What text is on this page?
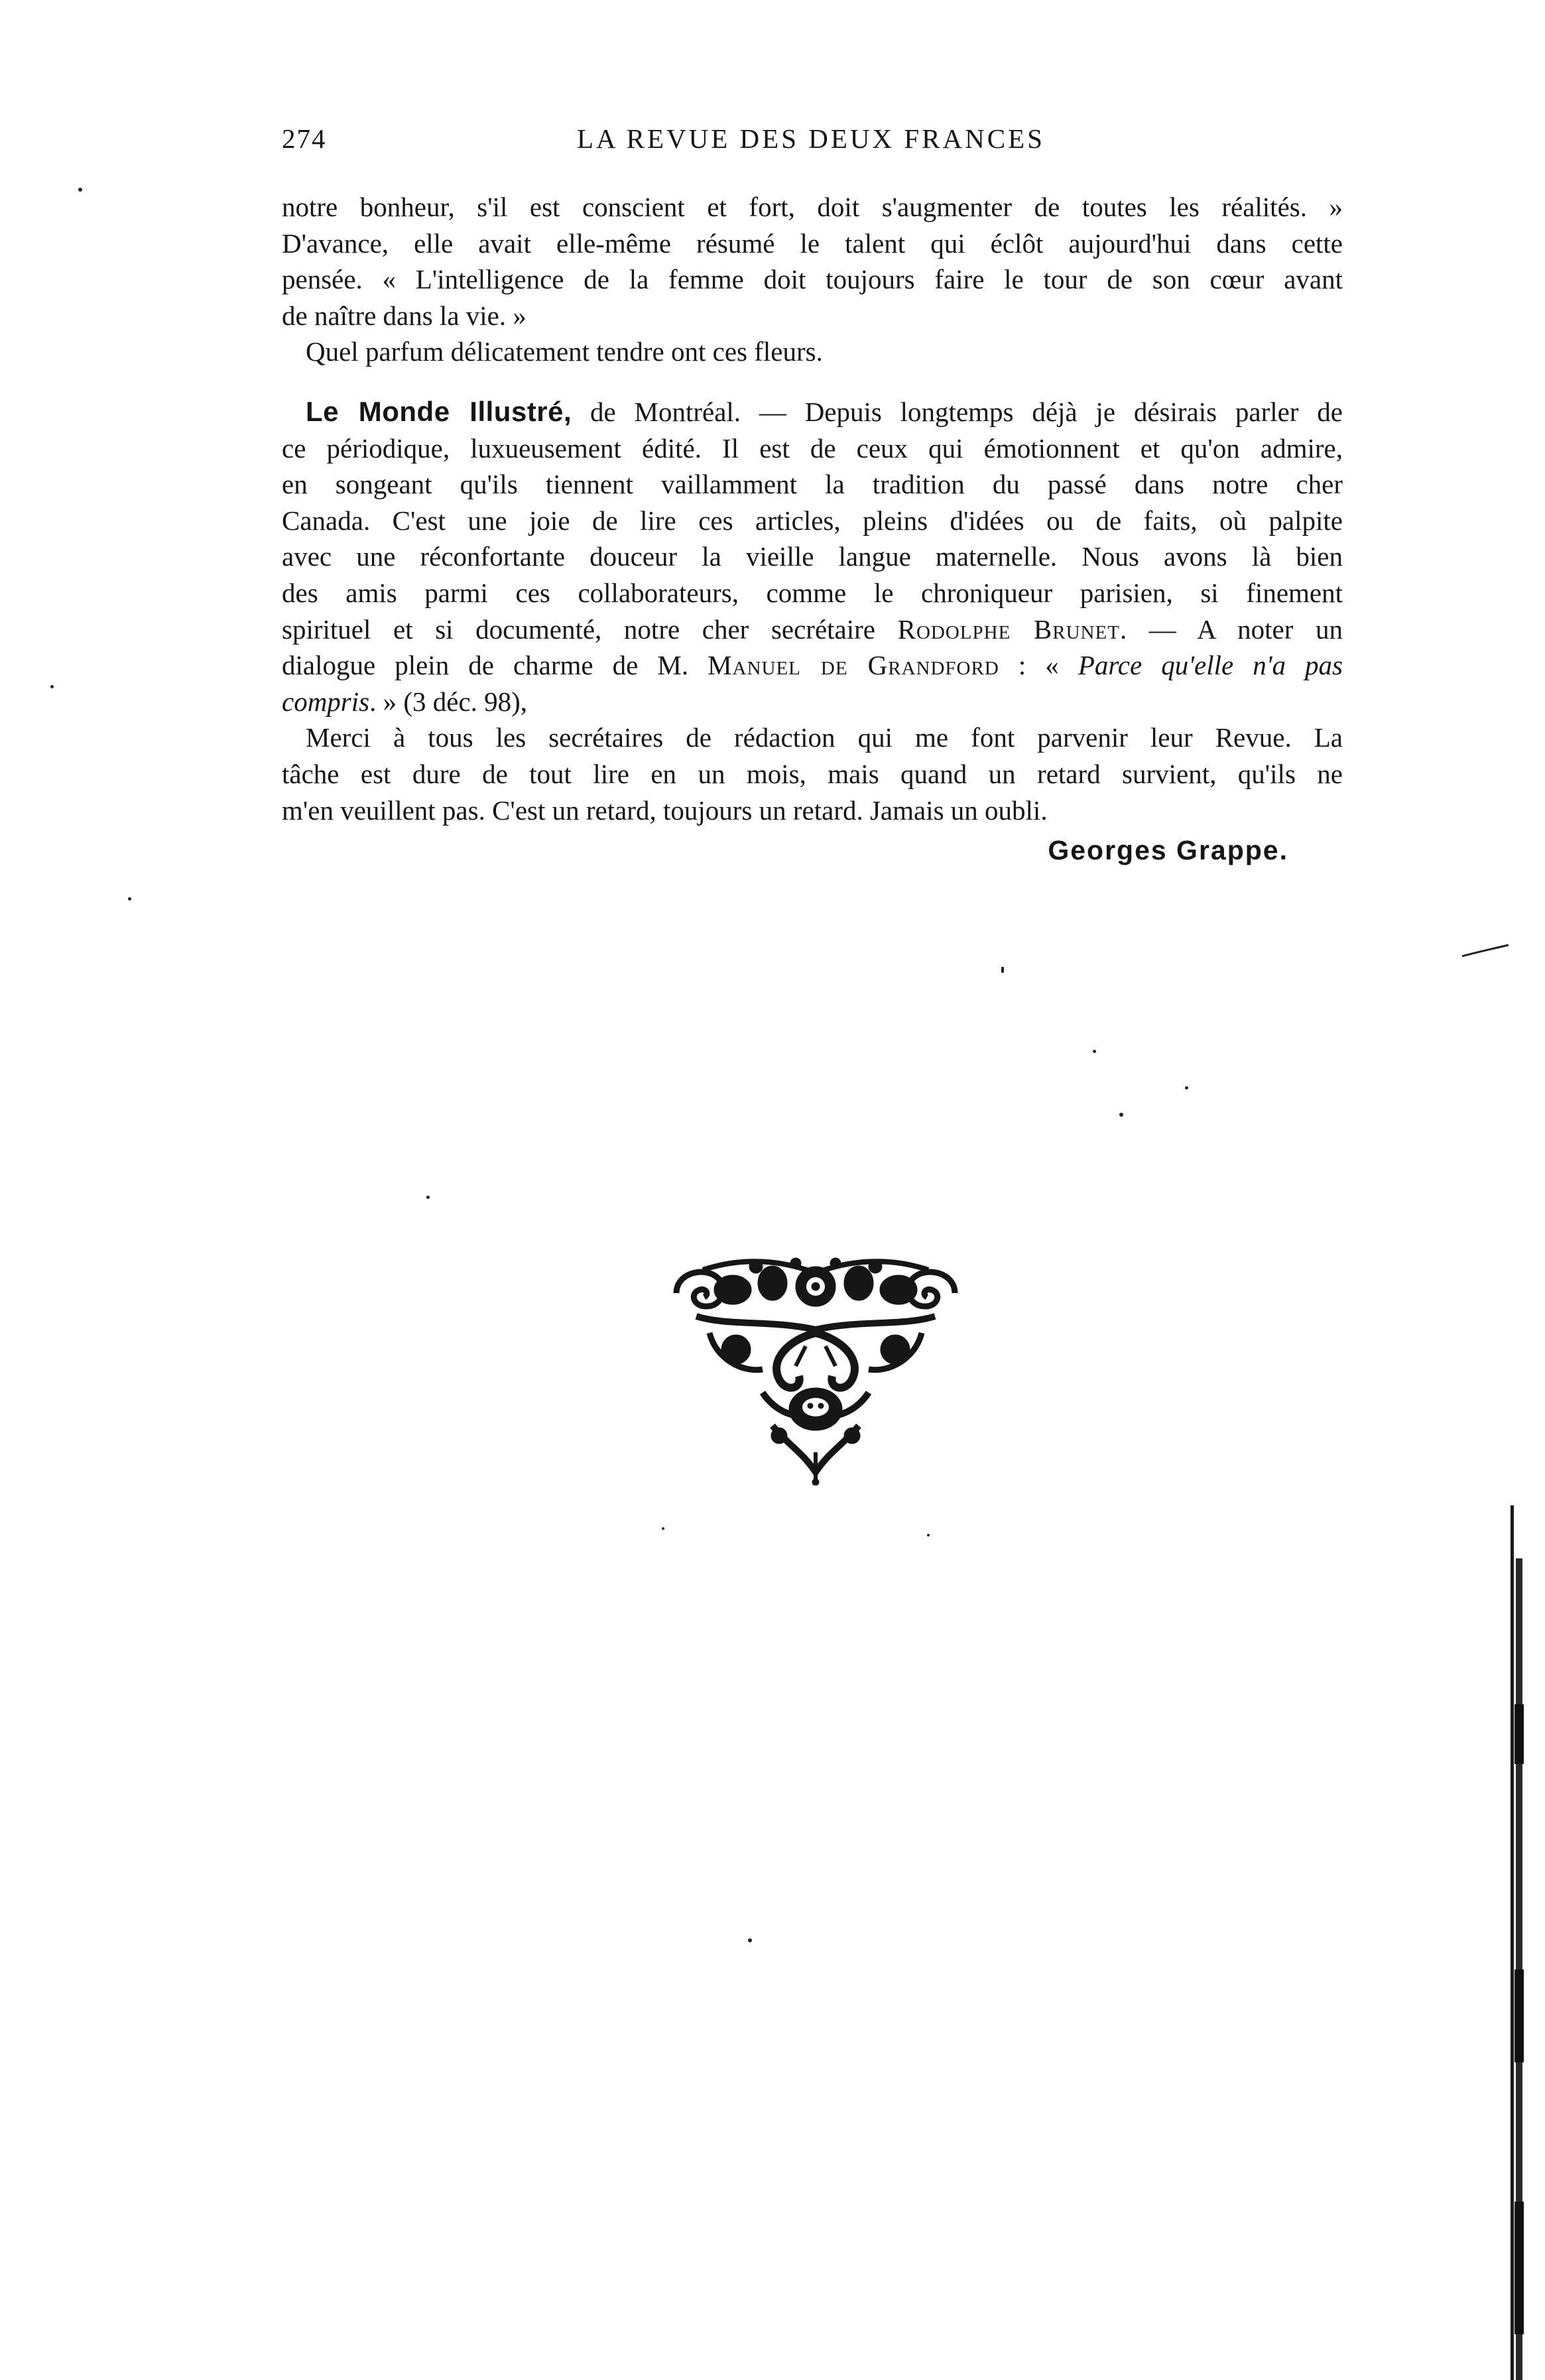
274	LA REVUE DES DEUX FRANCES
notre bonheur, s'il est conscient et fort, doit s'augmenter de toutes les réalités. »
D'avance, elle avait elle-même résumé le talent qui éclôt aujourd'hui dans cette
pensée. « L'intelligence de la femme doit toujours faire le tour de son cœur avant
de naître dans la vie. »
Quel parfum délicatement tendre ont ces fleurs.
Le Monde Illustré, de Montréal. — Depuis longtemps déjà je désirais parler de
ce périodique, luxueusement édité. Il est de ceux qui émotionnent et qu'on admire,
en songeant qu'ils tiennent vaillamment la tradition du passé dans notre cher
Canada. C'est une joie de lire ces articles, pleins d'idées ou de faits, où palpite
avec une réconfortante douceur la vieille langue maternelle. Nous avons là bien
des amis parmi ces collaborateurs, comme le chroniqueur parisien, si finement
spirituel et si documenté, notre cher secrétaire Rodolphe Brunet. — A noter un
dialogue plein de charme de M. Manuel de Grandford : « Parce qu'elle n'a pas
compris. » (3 déc. 98),
Merci à tous les secrétaires de rédaction qui me font parvenir leur Revue. La
tâche est dure de tout lire en un mois, mais quand un retard survient, qu'ils ne
m'en veuillent pas. C'est un retard, toujours un retard. Jamais un oubli.
Georges Grappe.
